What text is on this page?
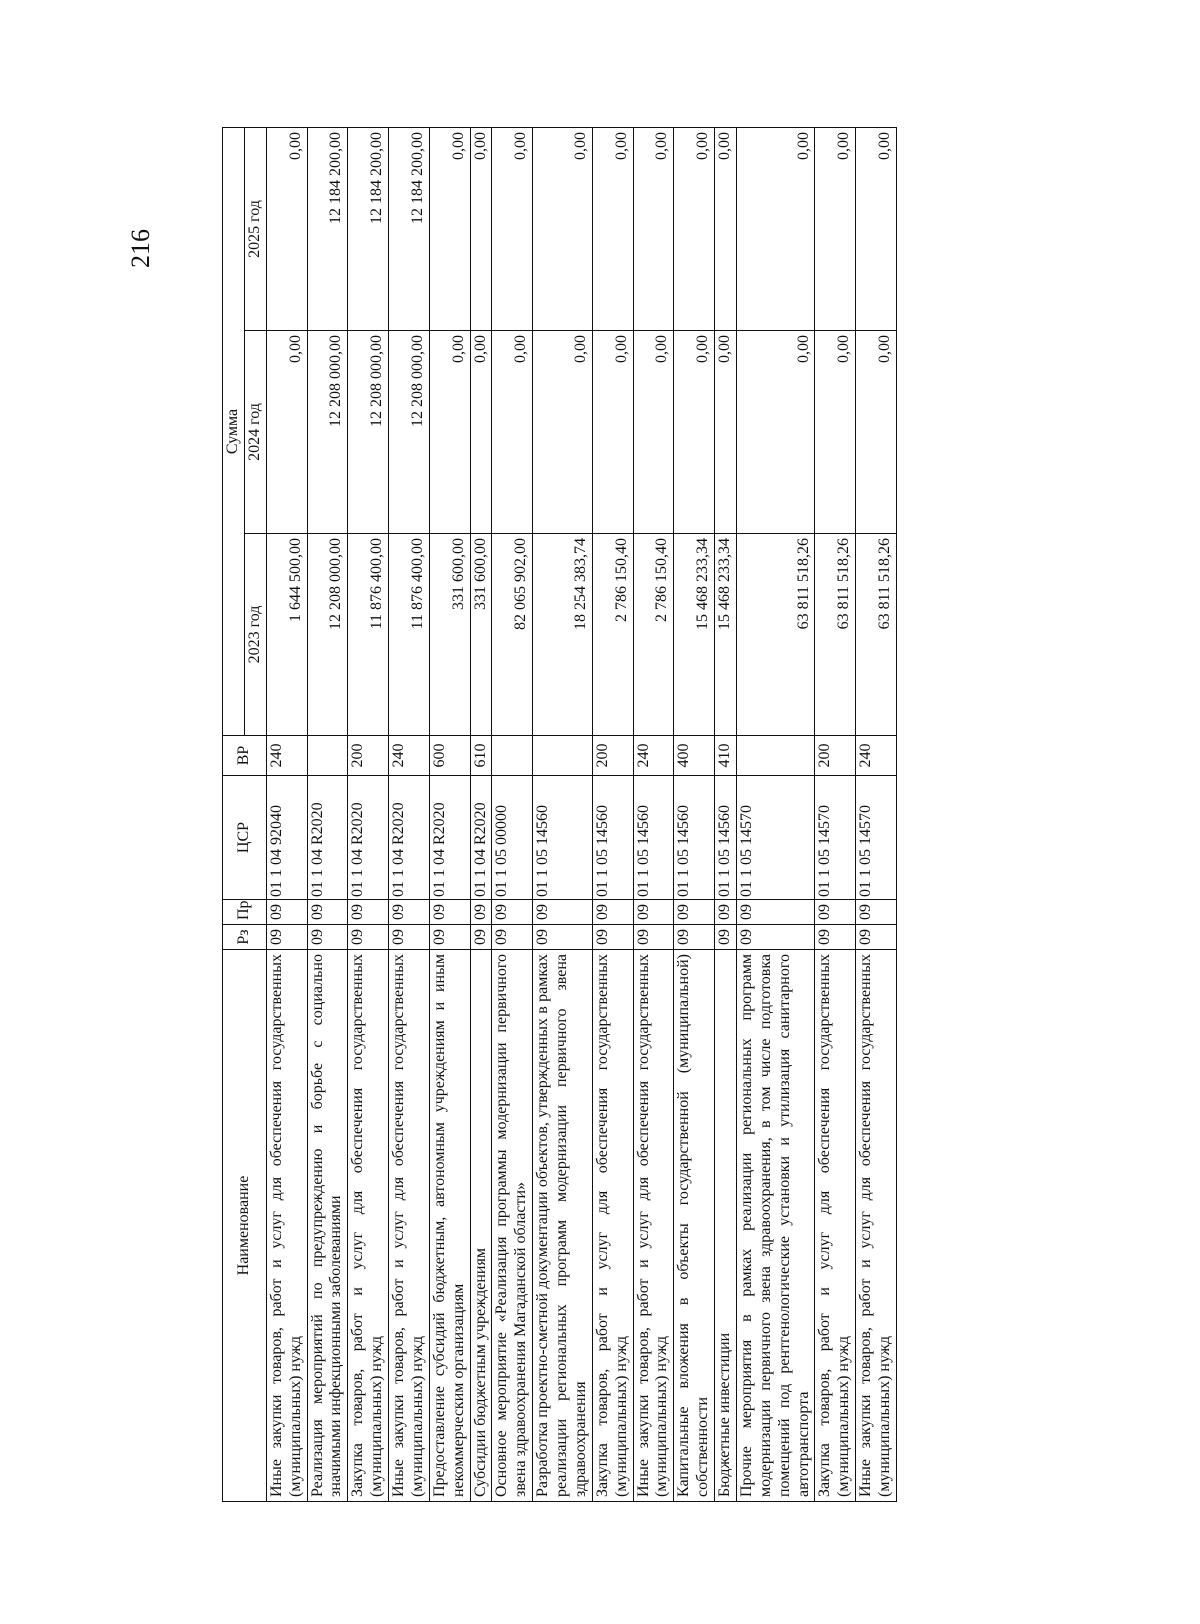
216
Наименование	Рз	Пр	ЦСР	ВР	Сумма		
					2023 год	2024 год	2025 год
Иные закупки товаров, работ и услуг для обеспечения государственных (муниципальных) нужд	09	09	01 1 04 92040	240	1 644 500,00	0,00	0,00
Реализация мероприятий по предупреждению и борьбе с социально значимыми инфекционными заболеваниями	09	09	01 1 04 R2020		12 208 000,00	12 208 000,00	12 184 200,00
Закупка товаров, работ и услуг для обеспечения государственных (муниципальных) нужд	09	09	01 1 04 R2020	200	11 876 400,00	12 208 000,00	12 184 200,00
Иные закупки товаров, работ и услуг для обеспечения государственных (муниципальных) нужд	09	09	01 1 04 R2020	240	11 876 400,00	12 208 000,00	12 184 200,00
Предоставление субсидий бюджетным, автономным учреждениям и иным некоммерческим организациям	09	09	01 1 04 R2020	600	331 600,00	0,00	0,00
Субсидии бюджетным учреждениям	09	09	01 1 04 R2020	610	331 600,00	0,00	0,00
Основное мероприятие «Реализация программы модернизации первичного звена здравоохранения Магаданской области»	09	09	01 1 05 00000		82 065 902,00	0,00	0,00
Разработка проектно-сметной документации объектов, утвержденных в рамках реализации региональных программ модернизации первичного звена здравоохранения	09	09	01 1 05 14560		18 254 383,74	0,00	0,00
Закупка товаров, работ и услуг для обеспечения государственных (муниципальных) нужд	09	09	01 1 05 14560	200	2 786 150,40	0,00	0,00
Иные закупки товаров, работ и услуг для обеспечения государственных (муниципальных) нужд	09	09	01 1 05 14560	240	2 786 150,40	0,00	0,00
Капитальные вложения в объекты государственной (муниципальной) собственности	09	09	01 1 05 14560	400	15 468 233,34	0,00	0,00
Бюджетные инвестиции	09	09	01 1 05 14560	410	15 468 233,34	0,00	0,00
Прочие мероприятия в рамках реализации региональных программ модернизации первичного звена здравоохранения, в том числе подготовка помещений под рентгенологические установки и утилизация санитарного автотранспорта	09	09	01 1 05 14570		63 811 518,26	0,00	0,00
Закупка товаров, работ и услуг для обеспечения государственных (муниципальных) нужд	09	09	01 1 05 14570	200	63 811 518,26	0,00	0,00
Иные закупки товаров, работ и услуг для обеспечения государственных (муниципальных) нужд	09	09	01 1 05 14570	240	63 811 518,26	0,00	0,00
